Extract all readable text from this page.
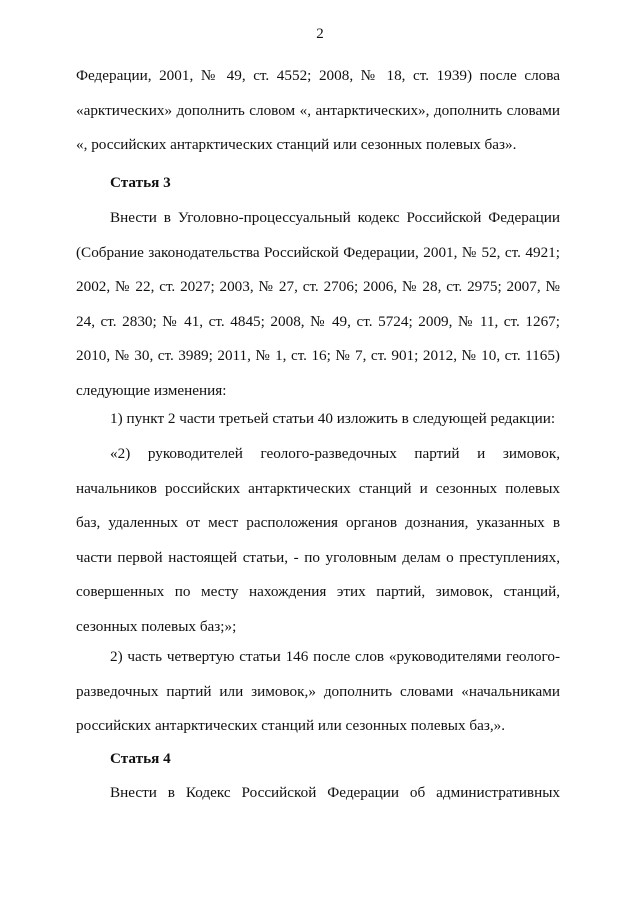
2

Федерации, 2001, № 49, ст. 4552; 2008, № 18, ст. 1939) после слова «арктических» дополнить словом «, антарктических», дополнить словами «, российских антарктических станций или сезонных полевых баз».

Статья 3

Внести в Уголовно-процессуальный кодекс Российской Федерации (Собрание законодательства Российской Федерации, 2001, № 52, ст. 4921; 2002, № 22, ст. 2027; 2003, № 27, ст. 2706; 2006, № 28, ст. 2975; 2007, № 24, ст. 2830; № 41, ст. 4845; 2008, № 49, ст. 5724; 2009, № 11, ст. 1267; 2010, № 30, ст. 3989; 2011, № 1, ст. 16; № 7, ст. 901; 2012, № 10, ст. 1165) следующие изменения:

1) пункт 2 части третьей статьи 40 изложить в следующей редакции:

«2) руководителей геолого-разведочных партий и зимовок, начальников российских антарктических станций и сезонных полевых баз, удаленных от мест расположения органов дознания, указанных в части первой настоящей статьи, - по уголовным делам о преступлениях, совершенных по месту нахождения этих партий, зимовок, станций, сезонных полевых баз;»;

2) часть четвертую статьи 146 после слов «руководителями геолого-разведочных партий или зимовок,» дополнить словами «начальниками российских антарктических станций или сезонных полевых баз,».

Статья 4

Внести в Кодекс Российской Федерации об административных
